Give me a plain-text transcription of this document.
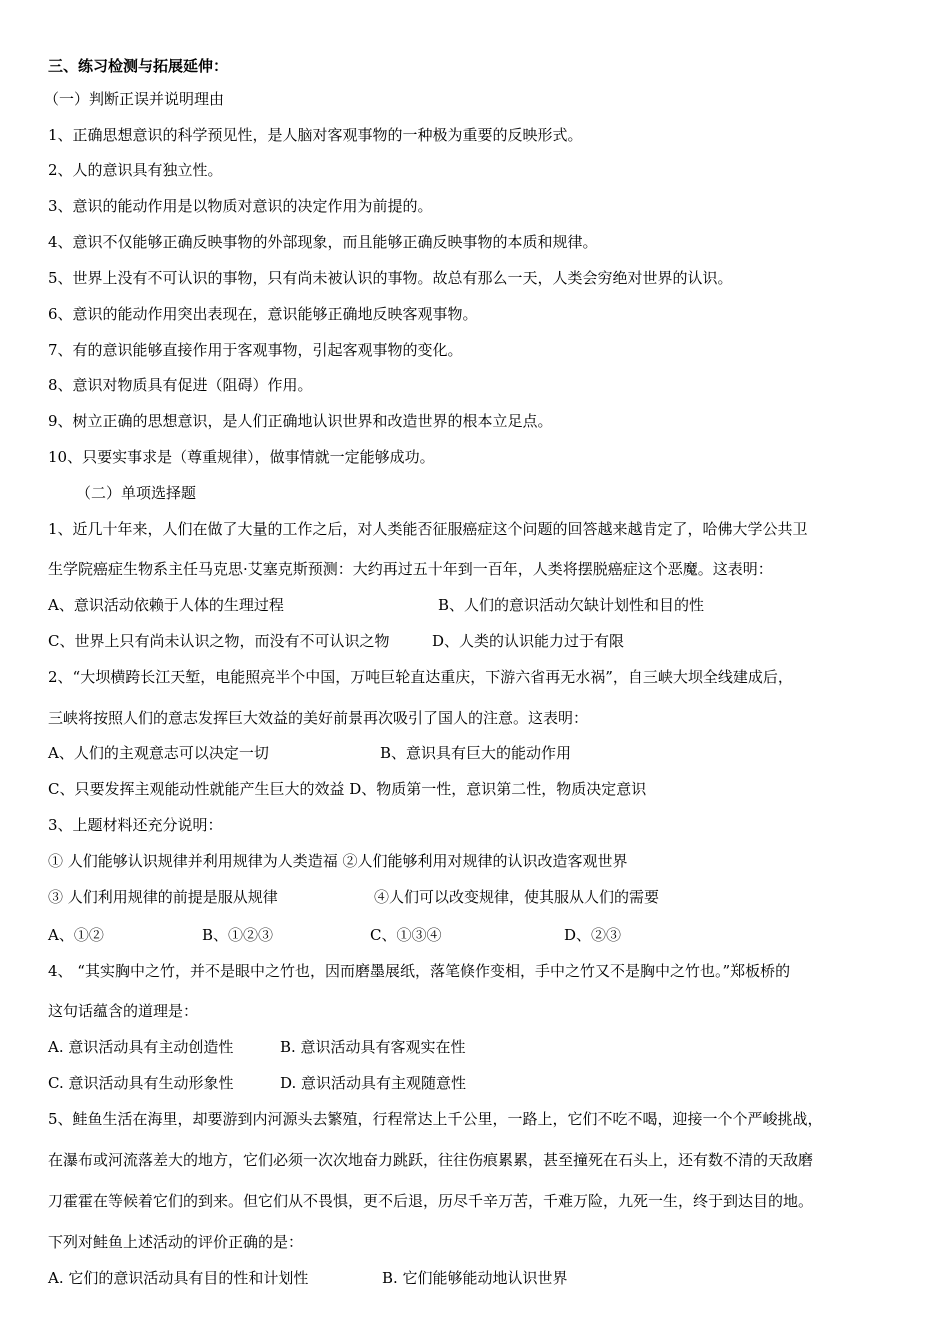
三、练习检测与拓展延伸：
（一）判断正误并说明理由
1、正确思想意识的科学预见性，是人脑对客观事物的一种极为重要的反映形式。
2、人的意识具有独立性。
3、意识的能动作用是以物质对意识的决定作用为前提的。
4、意识不仅能够正确反映事物的外部现象，而且能够正确反映事物的本质和规律。
5、世界上没有不可认识的事物，只有尚未被认识的事物。故总有那么一天，人类会穷绝对世界的认识。
6、意识的能动作用突出表现在，意识能够正确地反映客观事物。
7、有的意识能够直接作用于客观事物，引起客观事物的变化。
8、意识对物质具有促进（阻碍）作用。
9、树立正确的思想意识，是人们正确地认识世界和改造世界的根本立足点。
10、只要实事求是（尊重规律），做事情就一定能够成功。
（二）单项选择题
1、近几十年来，人们在做了大量的工作之后，对人类能否征服癌症这个问题的回答越来越肯定了，哈佛大学公共卫
生学院癌症生物系主任马克思·艾塞克斯预测：大约再过五十年到一百年，人类将摆脱癌症这个恶魔。这表明：
A、意识活动依赖于人体的生理过程	B、人们的意识活动欠缺计划性和目的性
C、世界上只有尚未认识之物，而没有不可认识之物	D、人类的认识能力过于有限
2、“大坝横跨长江天堑，电能照亮半个中国，万吨巨轮直达重庆，下游六省再无水祸”，自三峡大坝全线建成后，
三峡将按照人们的意志发挥巨大效益的美好前景再次吸引了国人的注意。这表明：
A、人们的主观意志可以决定一切	B、意识具有巨大的能动作用
C、只要发挥主观能动性就能产生巨大的效益 D、物质第一性，意识第二性，物质决定意识
3、上题材料还充分说明：
① 人们能够认识规律并利用规律为人类造福 ②人们能够利用对规律的认识改造客观世界
③ 人们利用规律的前提是服从规律	④人们可以改变规律，使其服从人们的需要
A、①②	B、①②③	C、①③④	D、②③
4、 “其实胸中之竹，并不是眼中之竹也，因而磨墨展纸，落笔倏作变相，手中之竹又不是胸中之竹也。”郑板桥的
这句话蕴含的道理是：
A. 意识活动具有主动创造性	B. 意识活动具有客观实在性
C. 意识活动具有生动形象性	D. 意识活动具有主观随意性
5、鲑鱼生活在海里，却要游到内河源头去繁殖，行程常达上千公里，一路上，它们不吃不喝，迎接一个个严峻挑战，
在瀑布或河流落差大的地方，它们必须一次次地奋力跳跃，往往伤痕累累，甚至撞死在石头上，还有数不清的天敌磨
刀霍霍在等候着它们的到来。但它们从不畏惧，更不后退，历尽千辛万苦，千难万险，九死一生，终于到达目的地。
下列对鲑鱼上述活动的评价正确的是：
A. 它们的意识活动具有目的性和计划性	B. 它们能够能动地认识世界
